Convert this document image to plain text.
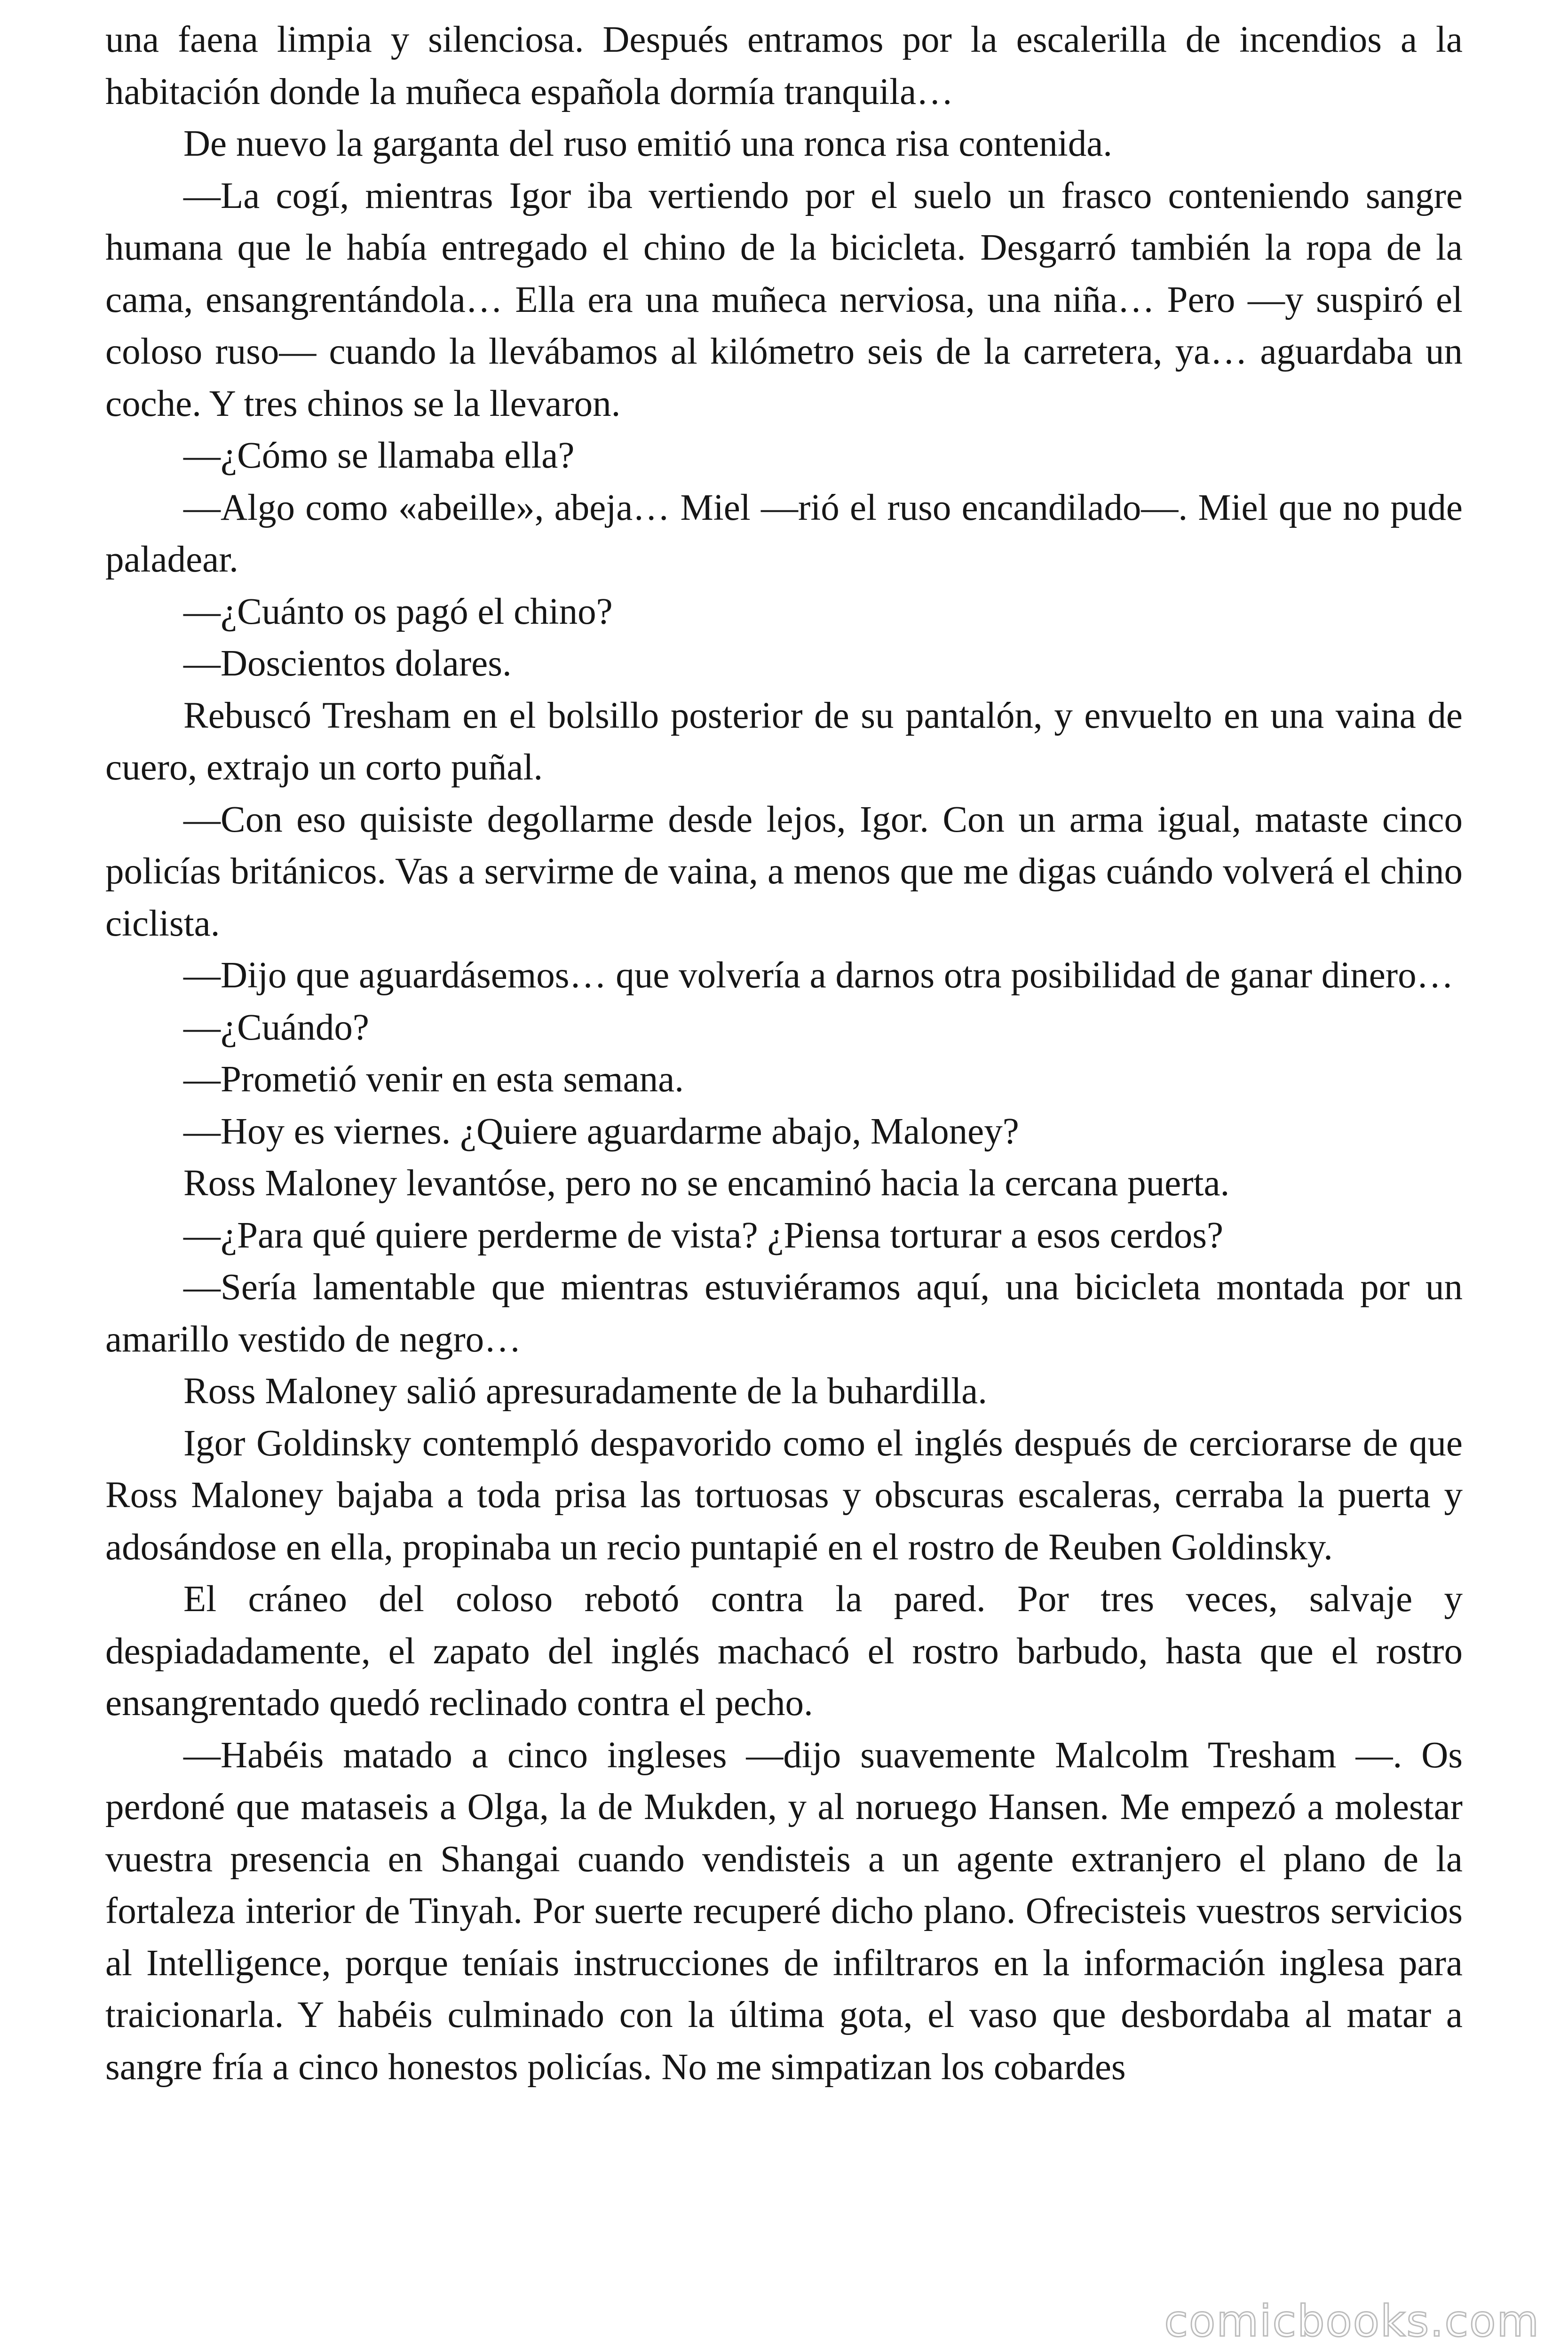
una faena limpia y silenciosa. Después entramos por la escalerilla de incendios a la habitación donde la muñeca española dormía tranquila…

De nuevo la garganta del ruso emitió una ronca risa contenida.

—La cogí, mientras Igor iba vertiendo por el suelo un frasco conteniendo sangre humana que le había entregado el chino de la bicicleta. Desgarró también la ropa de la cama, ensangrentándola… Ella era una muñeca nerviosa, una niña… Pero —y suspiró el coloso ruso— cuando la llevábamos al kilómetro seis de la carretera, ya… aguardaba un coche. Y tres chinos se la llevaron.

—¿Cómo se llamaba ella?

—Algo como «abeille», abeja… Miel —rió el ruso encandilado—. Miel que no pude paladear.

—¿Cuánto os pagó el chino?

—Doscientos dolares.

Rebuscó Tresham en el bolsillo posterior de su pantalón, y envuelto en una vaina de cuero, extrajo un corto puñal.

—Con eso quisiste degollarme desde lejos, Igor. Con un arma igual, mataste cinco policías británicos. Vas a servirme de vaina, a menos que me digas cuándo volverá el chino ciclista.

—Dijo que aguardásemos… que volvería a darnos otra posibilidad de ganar dinero…

—¿Cuándo?

—Prometió venir en esta semana.

—Hoy es viernes. ¿Quiere aguardarme abajo, Maloney?

Ross Maloney levantóse, pero no se encaminó hacia la cercana puerta.

—¿Para qué quiere perderme de vista? ¿Piensa torturar a esos cerdos?

—Sería lamentable que mientras estuviéramos aquí, una bicicleta montada por un amarillo vestido de negro…

Ross Maloney salió apresuradamente de la buhardilla.

Igor Goldinsky contempló despavorido como el inglés después de cerciorarse de que Ross Maloney bajaba a toda prisa las tortuosas y obscuras escaleras, cerraba la puerta y adosándose en ella, propinaba un recio puntapié en el rostro de Reuben Goldinsky.

El cráneo del coloso rebotó contra la pared. Por tres veces, salvaje y despiadadamente, el zapato del inglés machacó el rostro barbudo, hasta que el rostro ensangrentado quedó reclinado contra el pecho.

—Habéis matado a cinco ingleses —dijo suavemente Malcolm Tresham —. Os perdoné que mataseis a Olga, la de Mukden, y al noruego Hansen. Me empezó a molestar vuestra presencia en Shangai cuando vendisteis a un agente extranjero el plano de la fortaleza interior de Tinyah. Por suerte recuperé dicho plano. Ofrecisteis vuestros servicios al Intelligence, porque teníais instrucciones de infiltraros en la información inglesa para traicionarla. Y habéis culminado con la última gota, el vaso que desbordaba al matar a sangre fría a cinco honestos policías. No me simpatizan los cobardes

comicbooks.com
